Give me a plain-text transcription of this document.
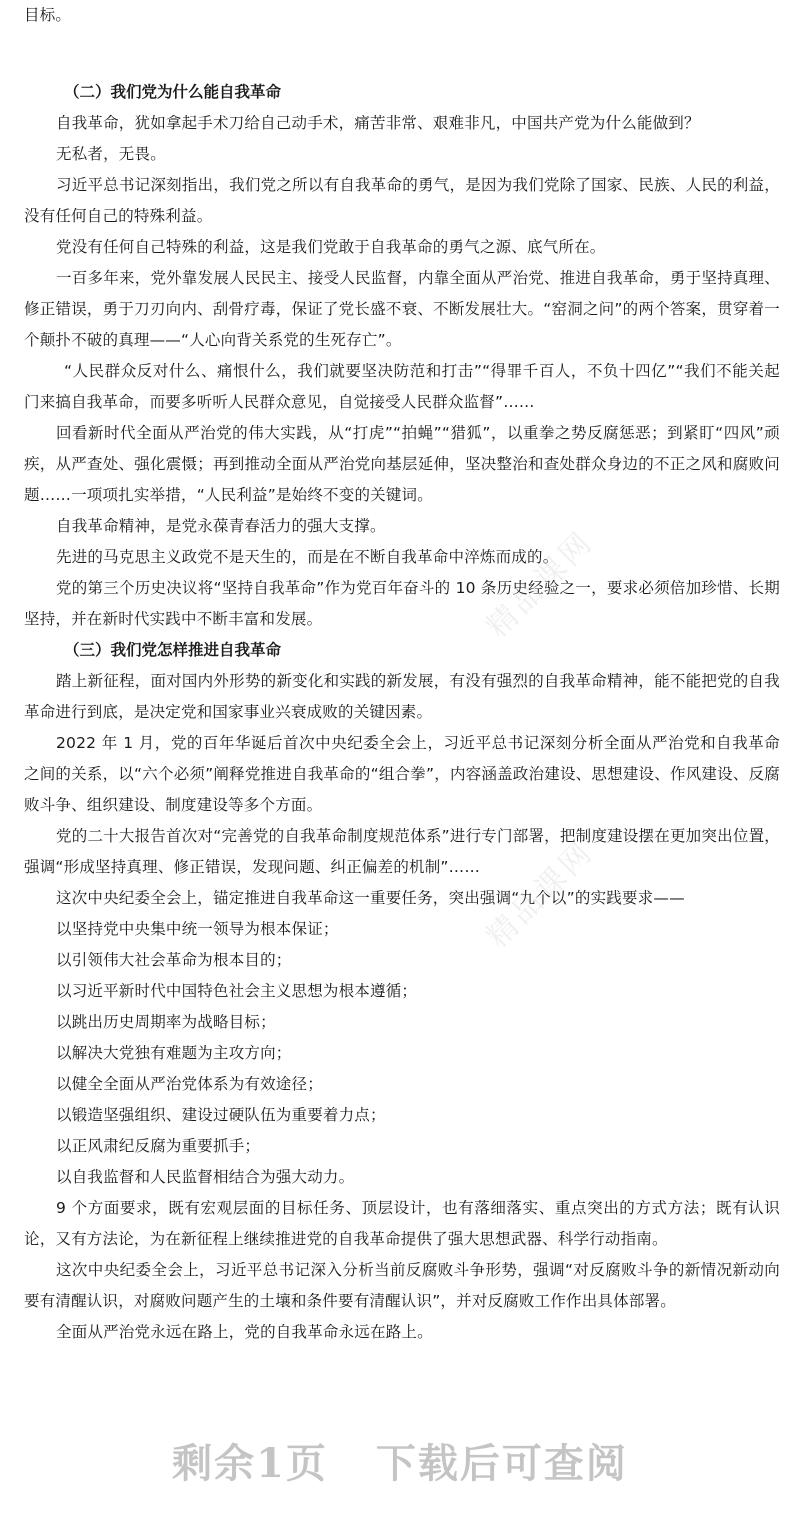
目标。

（二）我们党为什么能自我革命

自我革命，犹如拿起手术刀给自己动手术，痛苦非常、艰难非凡，中国共产党为什么能做到？

无私者，无畏。

习近平总书记深刻指出，我们党之所以有自我革命的勇气，是因为我们党除了国家、民族、人民的利益，没有任何自己的特殊利益。

党没有任何自己特殊的利益，这是我们党敢于自我革命的勇气之源、底气所在。

一百多年来，党外靠发展人民民主、接受人民监督，内靠全面从严治党、推进自我革命，勇于坚持真理、修正错误，勇于刀刃向内、刮骨疗毒，保证了党长盛不衰、不断发展壮大。“窑洞之问”的两个答案，贯穿着一个颠扑不破的真理——“人心向背关系党的生死存亡”。

“人民群众反对什么、痛恨什么，我们就要坚决防范和打击”“得罪千百人，不负十四亿”“我们不能关起门来搞自我革命，而要多听听人民群众意见，自觉接受人民群众监督”……

回看新时代全面从严治党的伟大实践，从“打虎”“拍蝇”“猎狐”，以重拳之势反腐惩恶；到紧盯“四风”顽疾，从严查处、强化震慑；再到推动全面从严治党向基层延伸，坚决整治和查处群众身边的不正之风和腐败问题……一项项扎实举措，“人民利益”是始终不变的关键词。

自我革命精神，是党永葆青春活力的强大支撑。

先进的马克思主义政党不是天生的，而是在不断自我革命中淬炼而成的。

党的第三个历史决议将“坚持自我革命”作为党百年奋斗的 10 条历史经验之一，要求必须倍加珍惜、长期坚持，并在新时代实践中不断丰富和发展。

（三）我们党怎样推进自我革命

踏上新征程，面对国内外形势的新变化和实践的新发展，有没有强烈的自我革命精神，能不能把党的自我革命进行到底，是决定党和国家事业兴衰成败的关键因素。

2022 年 1 月，党的百年华诞后首次中央纪委全会上，习近平总书记深刻分析全面从严治党和自我革命之间的关系，以“六个必须”阐释党推进自我革命的“组合拳”，内容涵盖政治建设、思想建设、作风建设、反腐败斗争、组织建设、制度建设等多个方面。

党的二十大报告首次对“完善党的自我革命制度规范体系”进行专门部署，把制度建设摆在更加突出位置，强调“形成坚持真理、修正错误，发现问题、纠正偏差的机制”……

这次中央纪委全会上，锚定推进自我革命这一重要任务，突出强调“九个以”的实践要求——

以坚持党中央集中统一领导为根本保证；

以引领伟大社会革命为根本目的；

以习近平新时代中国特色社会主义思想为根本遵循；

以跳出历史周期率为战略目标；

以解决大党独有难题为主攻方向；

以健全全面从严治党体系为有效途径；

以锻造坚强组织、建设过硬队伍为重要着力点；

以正风肃纪反腐为重要抓手；

以自我监督和人民监督相结合为强大动力。

9 个方面要求，既有宏观层面的目标任务、顶层设计，也有落细落实、重点突出的方式方法；既有认识论，又有方法论，为在新征程上继续推进党的自我革命提供了强大思想武器、科学行动指南。

这次中央纪委全会上，习近平总书记深入分析当前反腐败斗争形势，强调“对反腐败斗争的新情况新动向要有清醒认识，对腐败问题产生的土壤和条件要有清醒认识”，并对反腐败工作作出具体部署。

全面从严治党永远在路上，党的自我革命永远在路上。

精品课网
精品课网
剩余1页 下载后可查阅
